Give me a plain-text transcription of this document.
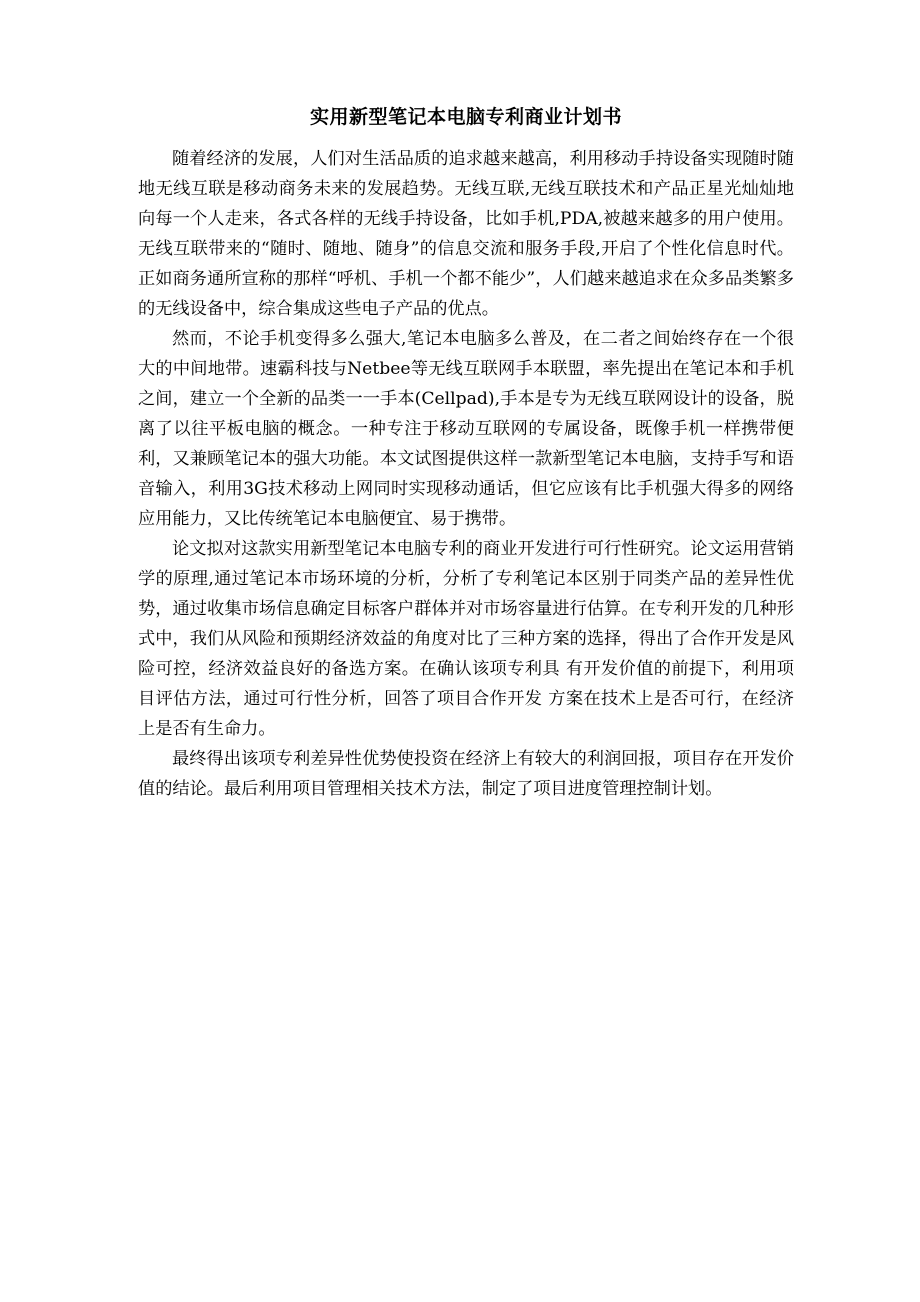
实用新型笔记本电脑专利商业计划书

随着经济的发展，人们对生活品质的追求越来越高，利用移动手持设备实现随时随地无线互联是移动商务未来的发展趋势。无线互联,无线互联技术和产品正星光灿灿地向每一个人走来，各式各样的无线手持设备，比如手机,PDA,被越来越多的用户使用。无线互联带来的“随时、随地、随身”的信息交流和服务手段,开启了个性化信息时代。正如商务通所宣称的那样“呼机、手机一个都不能少”，人们越来越追求在众多品类繁多的无线设备中，综合集成这些电子产品的优点。

然而，不论手机变得多么强大,笔记本电脑多么普及，在二者之间始终存在一个很大的中间地带。速霸科技与Netbee等无线互联网手本联盟，率先提出在笔记本和手机之间，建立一个全新的品类一一手本(Cellpad),手本是专为无线互联网设计的设备，脱离了以往平板电脑的概念。一种专注于移动互联网的专属设备，既像手机一样携带便利，又兼顾笔记本的强大功能。本文试图提供这样一款新型笔记本电脑，支持手写和语音输入，利用3G技术移动上网同时实现移动通话，但它应该有比手机强大得多的网络应用能力，又比传统笔记本电脑便宜、易于携带。

论文拟对这款实用新型笔记本电脑专利的商业开发进行可行性研究。论文运用营销学的原理,通过笔记本市场环境的分析，分析了专利笔记本区别于同类产品的差异性优势，通过收集市场信息确定目标客户群体并对市场容量进行估算。在专利开发的几种形式中，我们从风险和预期经济效益的角度对比了三种方案的选择，得出了合作开发是风险可控，经济效益良好的备选方案。在确认该项专利具 有开发价值的前提下，利用项目评估方法，通过可行性分析，回答了项目合作开发 方案在技术上是否可行，在经济上是否有生命力。

最终得出该项专利差异性优势使投资在经济上有较大的利润回报，项目存在开发价值的结论。最后利用项目管理相关技术方法，制定了项目进度管理控制计划。
